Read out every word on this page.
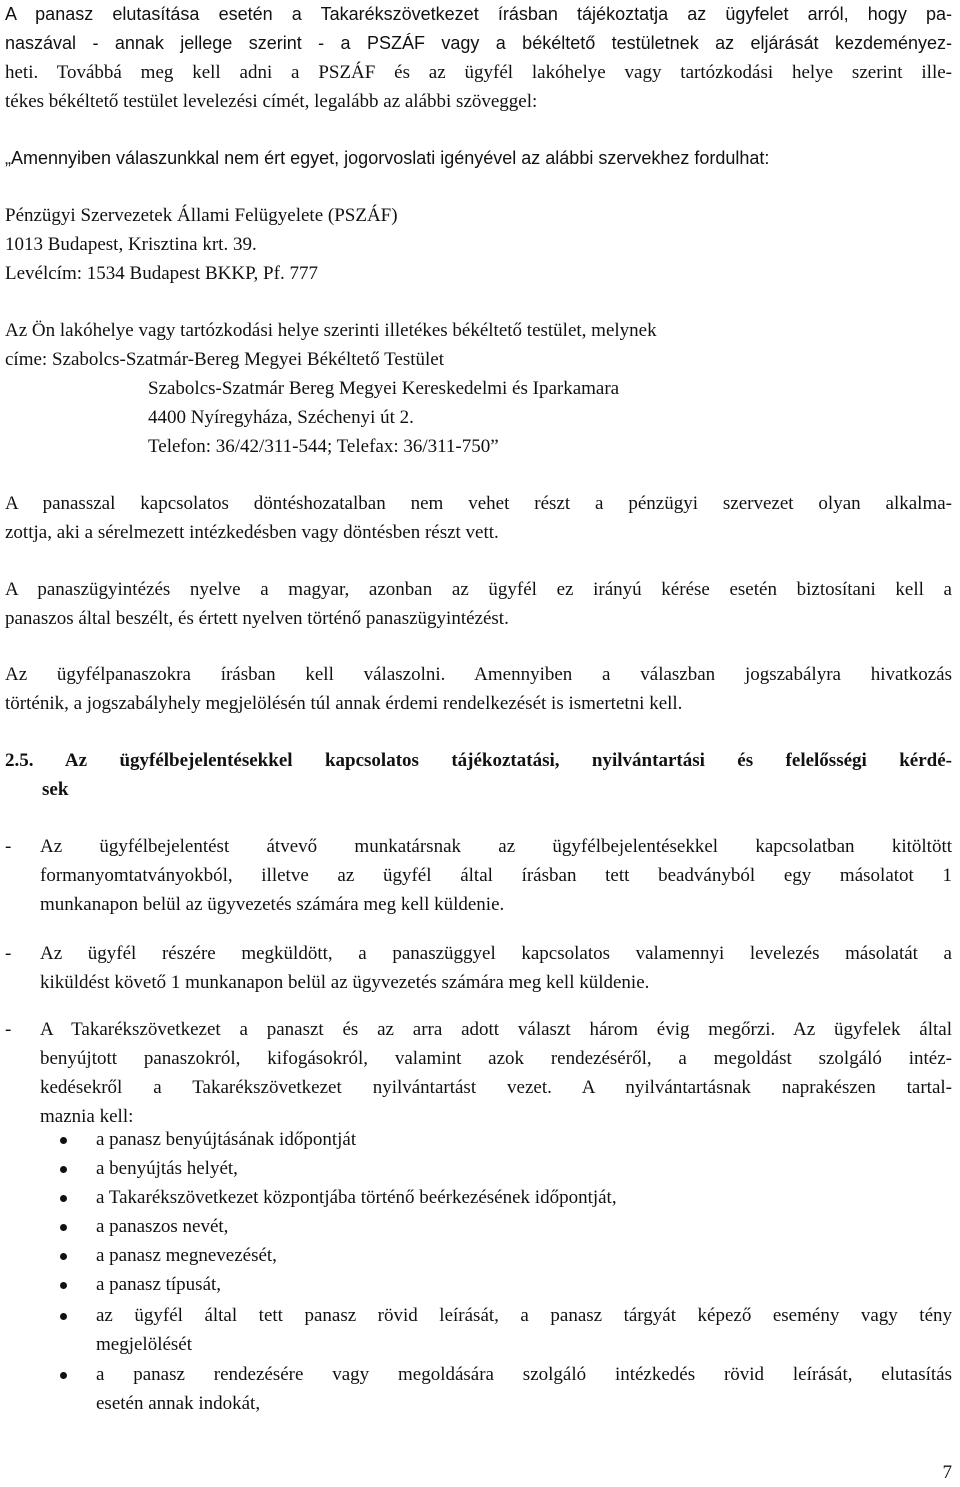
A panasz elutasítása esetén a Takarékszövetkezet írásban tájékoztatja az ügyfelet arról, hogy pa-

naszával - annak jellege szerint - a PSZÁF vagy a békéltető testületnek az eljárását kezdeményez-

heti. Továbbá meg kell adni a PSZÁF és az ügyfél lakóhelye vagy tartózkodási helye szerint ille-

tékes békéltető testület levelezési címét, legalább az alábbi szöveggel:

„Amennyiben válaszunkkal nem ért egyet, jogorvoslati igényével az alábbi szervekhez fordulhat:

Pénzügyi Szervezetek Állami Felügyelete (PSZÁF)

1013 Budapest, Krisztina krt. 39.

Levélcím: 1534 Budapest BKKP, Pf. 777

Az Ön lakóhelye vagy tartózkodási helye szerinti illetékes békéltető testület, melynek

címe: Szabolcs-Szatmár-Bereg Megyei Békéltető Testület

Szabolcs-Szatmár Bereg Megyei Kereskedelmi és Iparkamara

4400 Nyíregyháza, Széchenyi út 2.

Telefon: 36/42/311-544; Telefax: 36/311-750”

A panasszal kapcsolatos döntéshozatalban nem vehet részt a pénzügyi szervezet olyan alkalma-

zottja, aki a sérelmezett intézkedésben vagy döntésben részt vett.

A panaszügyintézés nyelve a magyar, azonban az ügyfél ez irányú kérése esetén biztosítani kell a

panaszos által beszélt, és értett nyelven történő panaszügyintézést.

Az ügyfélpanaszokra írásban kell válaszolni. Amennyiben a válaszban jogszabályra hivatkozás

történik, a jogszabályhely megjelölésén túl annak érdemi rendelkezését is ismertetni kell.

2.5. Az ügyfélbejelentésekkel kapcsolatos tájékoztatási, nyilvántartási és felelősségi kérdé-

sek

- Az ügyfélbejelentést átvevő munkatársnak az ügyfélbejelentésekkel kapcsolatban kitöltött

formanyomtatványokból, illetve az ügyfél által írásban tett beadványból egy másolatot 1

munkanapon belül az ügyvezetés számára meg kell küldenie.

- Az ügyfél részére megküldött, a panaszüggyel kapcsolatos valamennyi levelezés másolatát a

kiküldést követő 1 munkanapon belül az ügyvezetés számára meg kell küldenie.

- A Takarékszövetkezet a panaszt és az arra adott választ három évig megőrzi. Az ügyfelek által

benyújtott panaszokról, kifogásokról, valamint azok rendezéséről, a megoldást szolgáló intéz-

kedésekről a Takarékszövetkezet nyilvántartást vezet. A nyilvántartásnak naprakészen tartal-

maznia kell:

a panasz benyújtásának időpontját

a benyújtás helyét,

a Takarékszövetkezet központjába történő beérkezésének időpontját,

a panaszos nevét,

a panasz megnevezését,

a panasz típusát,

az ügyfél által tett panasz rövid leírását, a panasz tárgyát képező esemény vagy tény

megjelölését

a panasz rendezésére vagy megoldására szolgáló intézkedés rövid leírását, elutasítás

esetén annak indokát,

7
